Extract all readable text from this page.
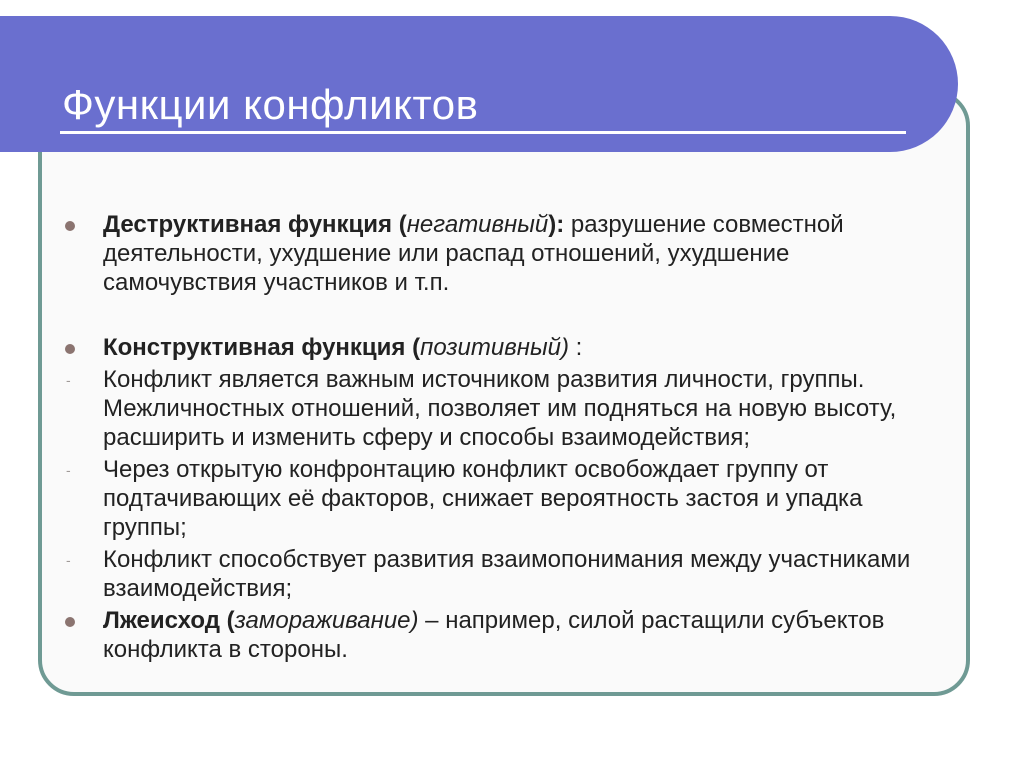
Функции конфликтов
Деструктивная функция (негативный): разрушение совместной деятельности, ухудшение или распад отношений, ухудшение самочувствия участников и т.п.
Конструктивная функция (позитивный) :
- Конфликт является важным источником развития личности, группы. Межличностных отношений, позволяет им подняться на новую высоту, расширить и изменить сферу и способы взаимодействия;
- Через открытую конфронтацию конфликт освобождает группу от подтачивающих её факторов, снижает вероятность застоя и упадка группы;
- Конфликт способствует развития взаимопонимания между участниками взаимодействия;
Лжеисход (замораживание) – например, силой растащили субъектов конфликта в стороны.
